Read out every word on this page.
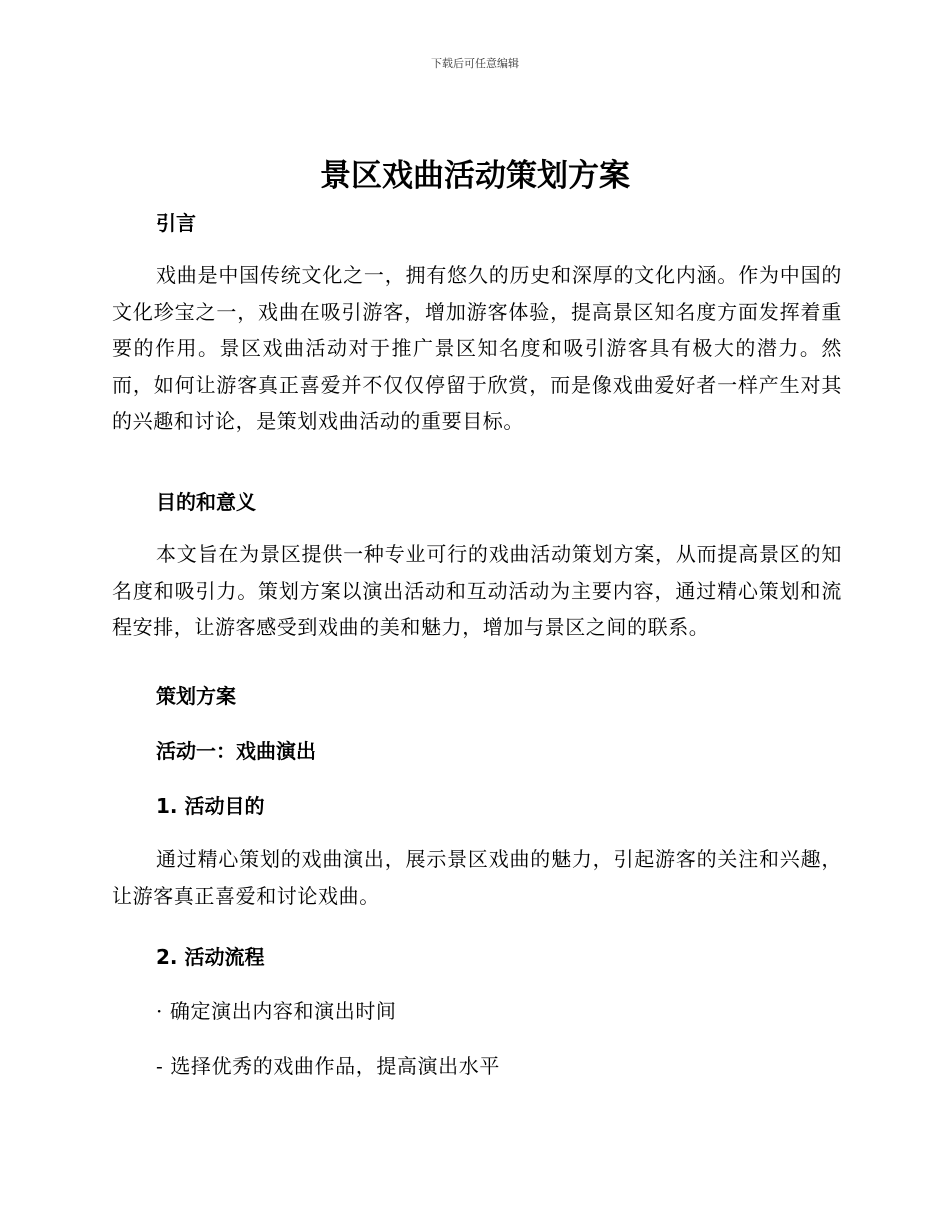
下载后可任意编辑
景区戏曲活动策划方案
引言
戏曲是中国传统文化之一，拥有悠久的历史和深厚的文化内涵。作为中国的文化珍宝之一，戏曲在吸引游客，增加游客体验，提高景区知名度方面发挥着重要的作用。景区戏曲活动对于推广景区知名度和吸引游客具有极大的潜力。然而，如何让游客真正喜爱并不仅仅停留于欣赏，而是像戏曲爱好者一样产生对其的兴趣和讨论，是策划戏曲活动的重要目标。
目的和意义
本文旨在为景区提供一种专业可行的戏曲活动策划方案，从而提高景区的知名度和吸引力。策划方案以演出活动和互动活动为主要内容，通过精心策划和流程安排，让游客感受到戏曲的美和魅力，增加与景区之间的联系。
策划方案
活动一：戏曲演出
1. 活动目的
通过精心策划的戏曲演出，展示景区戏曲的魅力，引起游客的关注和兴趣，让游客真正喜爱和讨论戏曲。
2. 活动流程
· 确定演出内容和演出时间
- 选择优秀的戏曲作品，提高演出水平
